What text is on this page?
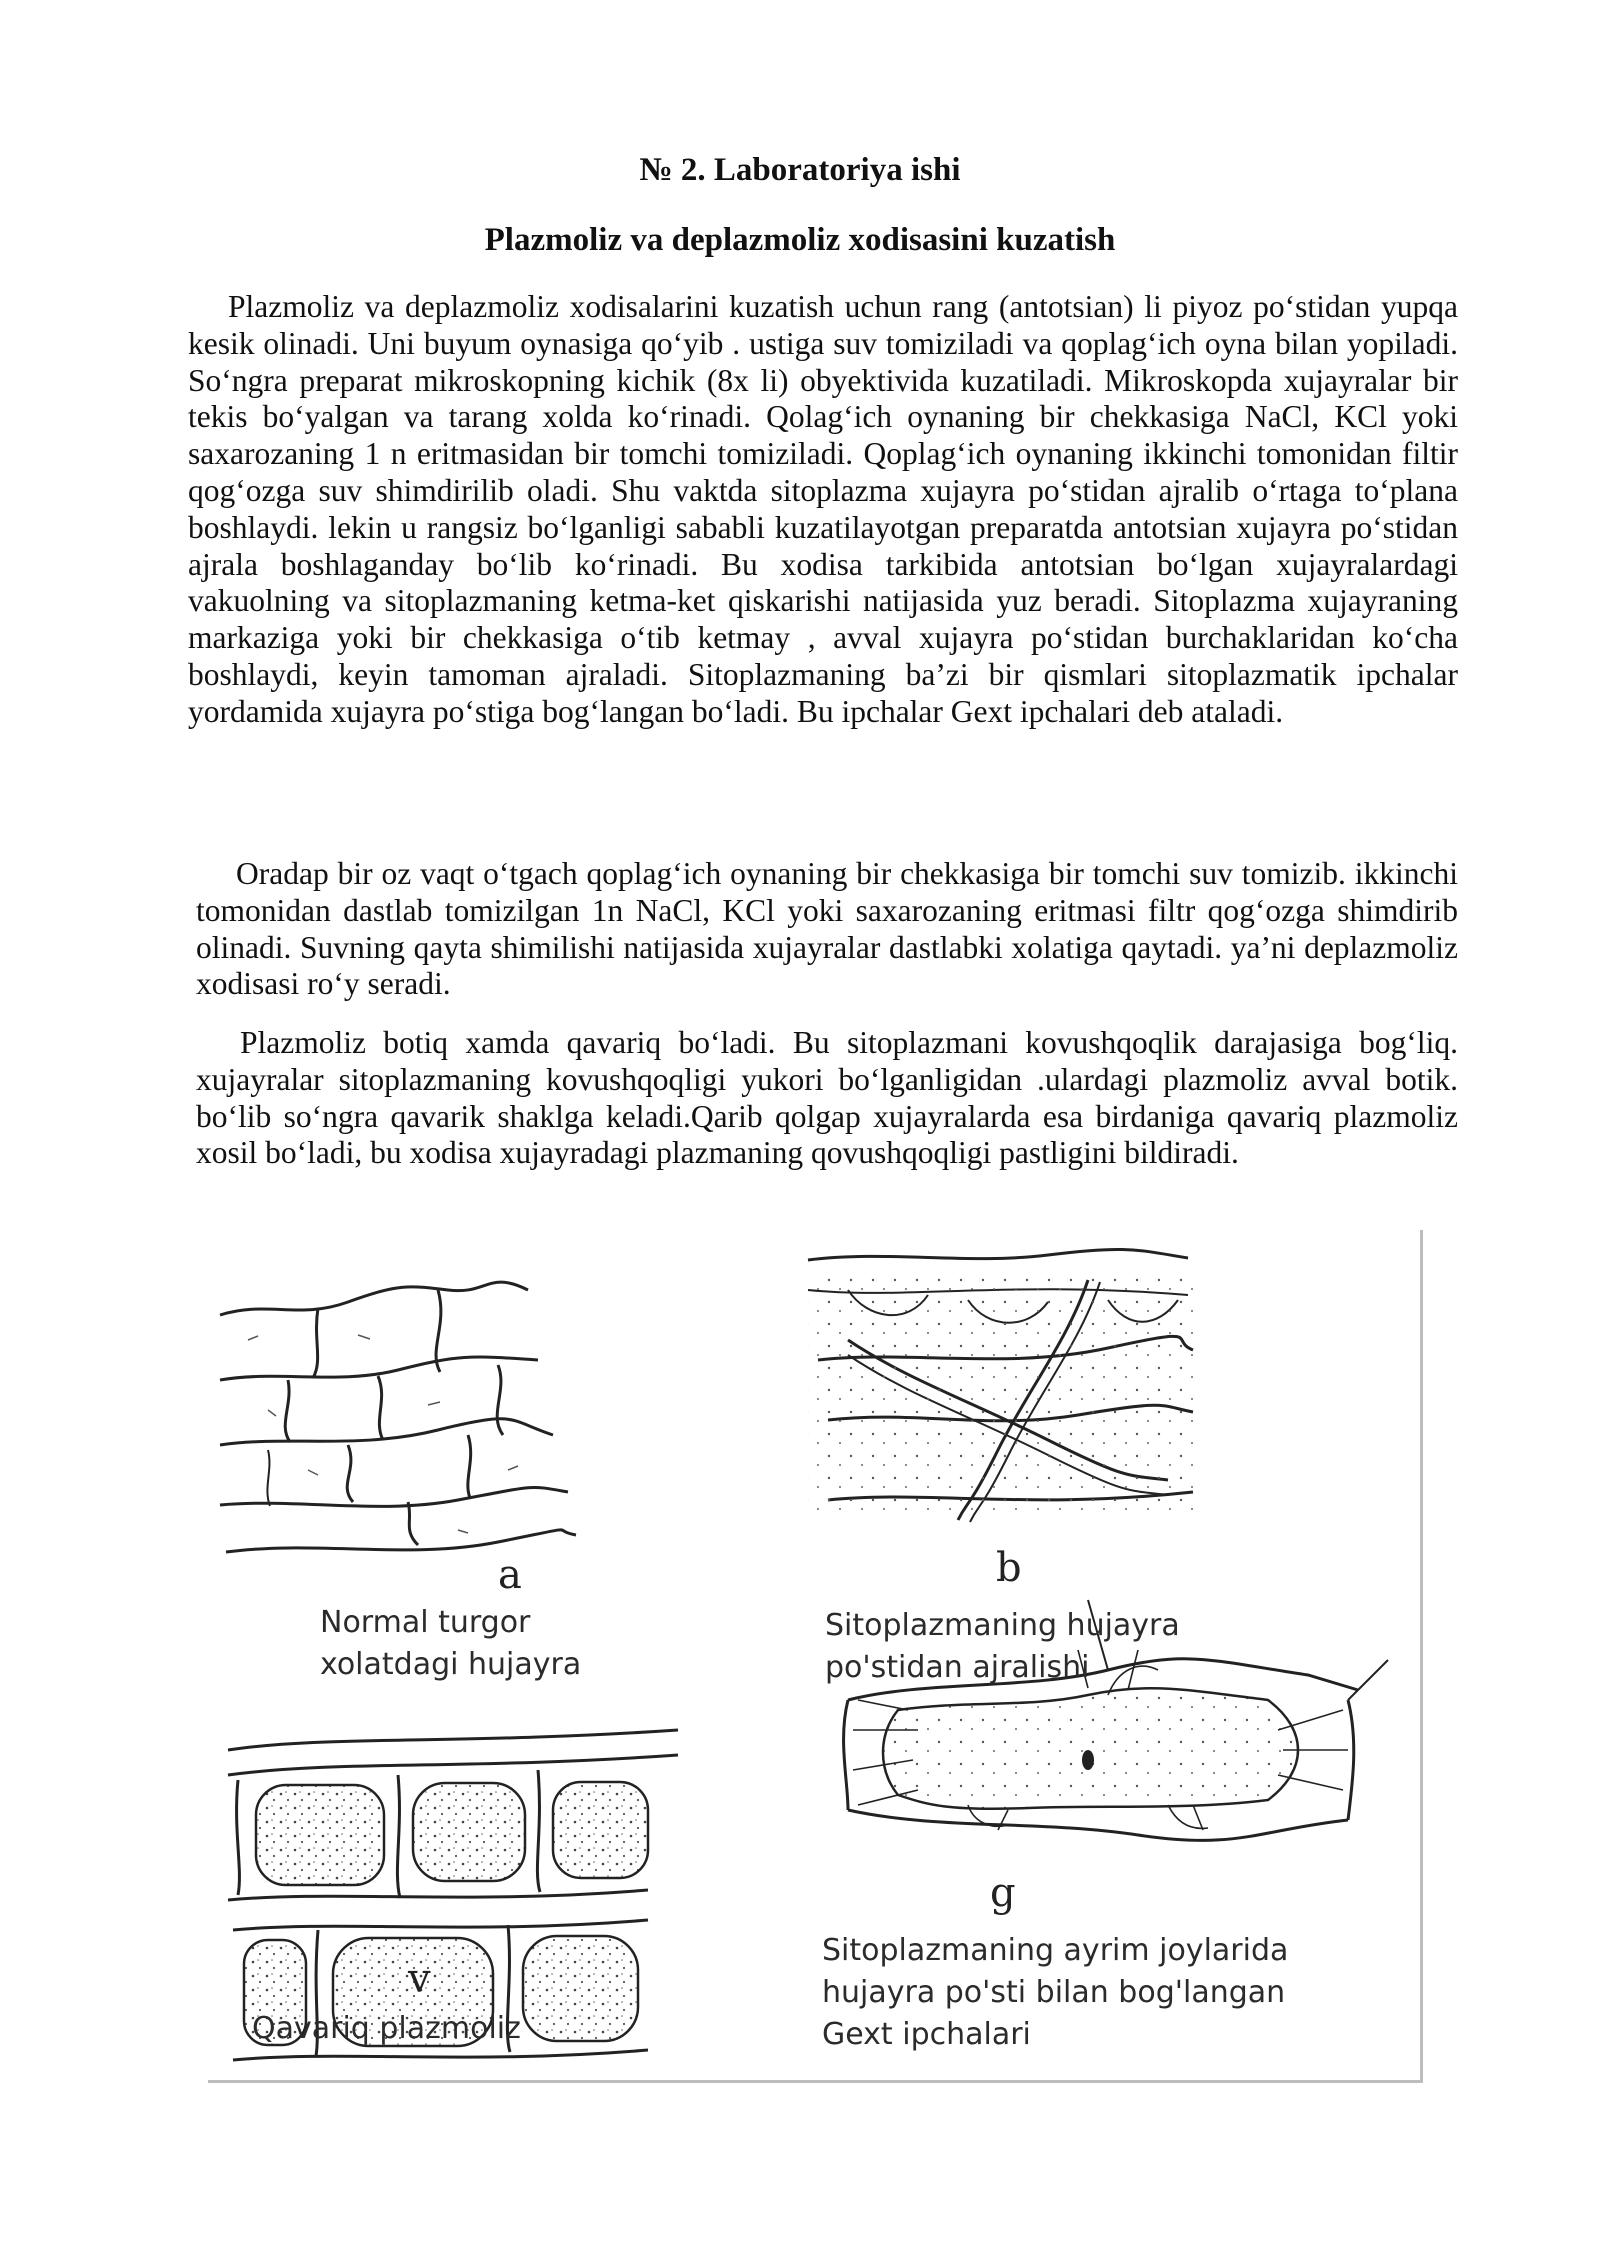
№ 2. Laboratoriya ishi
Plazmoliz va deplazmoliz xodisasini kuzatish

Plazmoliz va deplazmoliz xodisalarini kuzatish uchun rang (antotsian) li piyoz po‘stidan yupqa kesik olinadi. Uni buyum oynasiga qo‘yib . ustiga suv tomiziladi va qoplag‘ich oyna bilan yopiladi. So‘ngra preparat mikroskopning kichik (8x li) obyektivida kuzatiladi. Mikroskopda xujayralar bir tekis bo‘yalgan va tarang xolda ko‘rinadi. Qolag‘ich oynaning bir chekkasiga NaCl, KCl yoki saxarozaning 1 n eritmasidan bir tomchi tomiziladi. Qoplag‘ich oynaning ikkinchi tomonidan filtir qog‘ozga suv shimdirilib oladi. Shu vaktda sitoplazma xujayra po‘stidan ajralib o‘rtaga to‘plana boshlaydi. lekin u rangsiz bo‘lganligi sababli kuzatilayotgan preparatda antotsian xujayra po‘stidan ajrala boshlaganday bo‘lib ko‘rinadi. Bu xodisa tarkibida antotsian bo‘lgan xujayralardagi vakuolning va sitoplazmaning ketma-ket qiskarishi natijasida yuz beradi. Sitoplazma xujayraning markaziga yoki bir chekkasiga o‘tib ketmay , avval xujayra po‘stidan burchaklaridan ko‘cha boshlaydi, keyin tamoman ajraladi. Sitoplazmaning ba’zi bir qismlari sitoplazmatik ipchalar yordamida xujayra po‘stiga bog‘langan bo‘ladi. Bu ipchalar Gext ipchalari deb ataladi.

Oradap bir oz vaqt o‘tgach qoplag‘ich oynaning bir chekkasiga bir tomchi suv tomizib. ikkinchi tomonidan dastlab tomizilgan 1n NaCl, KCl yoki saxarozaning eritmasi filtr qog‘ozga shimdirib olinadi. Suvning qayta shimilishi natijasida xujayralar dastlabki xolatiga qaytadi. ya’ni deplazmoliz xodisasi ro‘y seradi.

Plazmoliz botiq xamda qavariq bo‘ladi. Bu sitoplazmani kovushqoqlik darajasiga bog‘liq. xujayralar sitoplazmaning kovushqoqligi yukori bo‘lganligidan .ulardagi plazmoliz avval botik. bo‘lib so‘ngra qavarik shaklga keladi.Qarib qolgap xujayralarda esa birdaniga qavariq plazmoliz xosil bo‘ladi, bu xodisa xujayradagi plazmaning qovushqoqligi pastligini bildiradi.

a
Normal turgor
xolatdagi hujayra
b
Sitoplazmaning hujayra
po'stidan ajralishi
v
Qavariq plazmoliz
g
Sitoplazmaning ayrim joylarida
hujayra po'sti bilan bog'langan
Gext ipchalari
